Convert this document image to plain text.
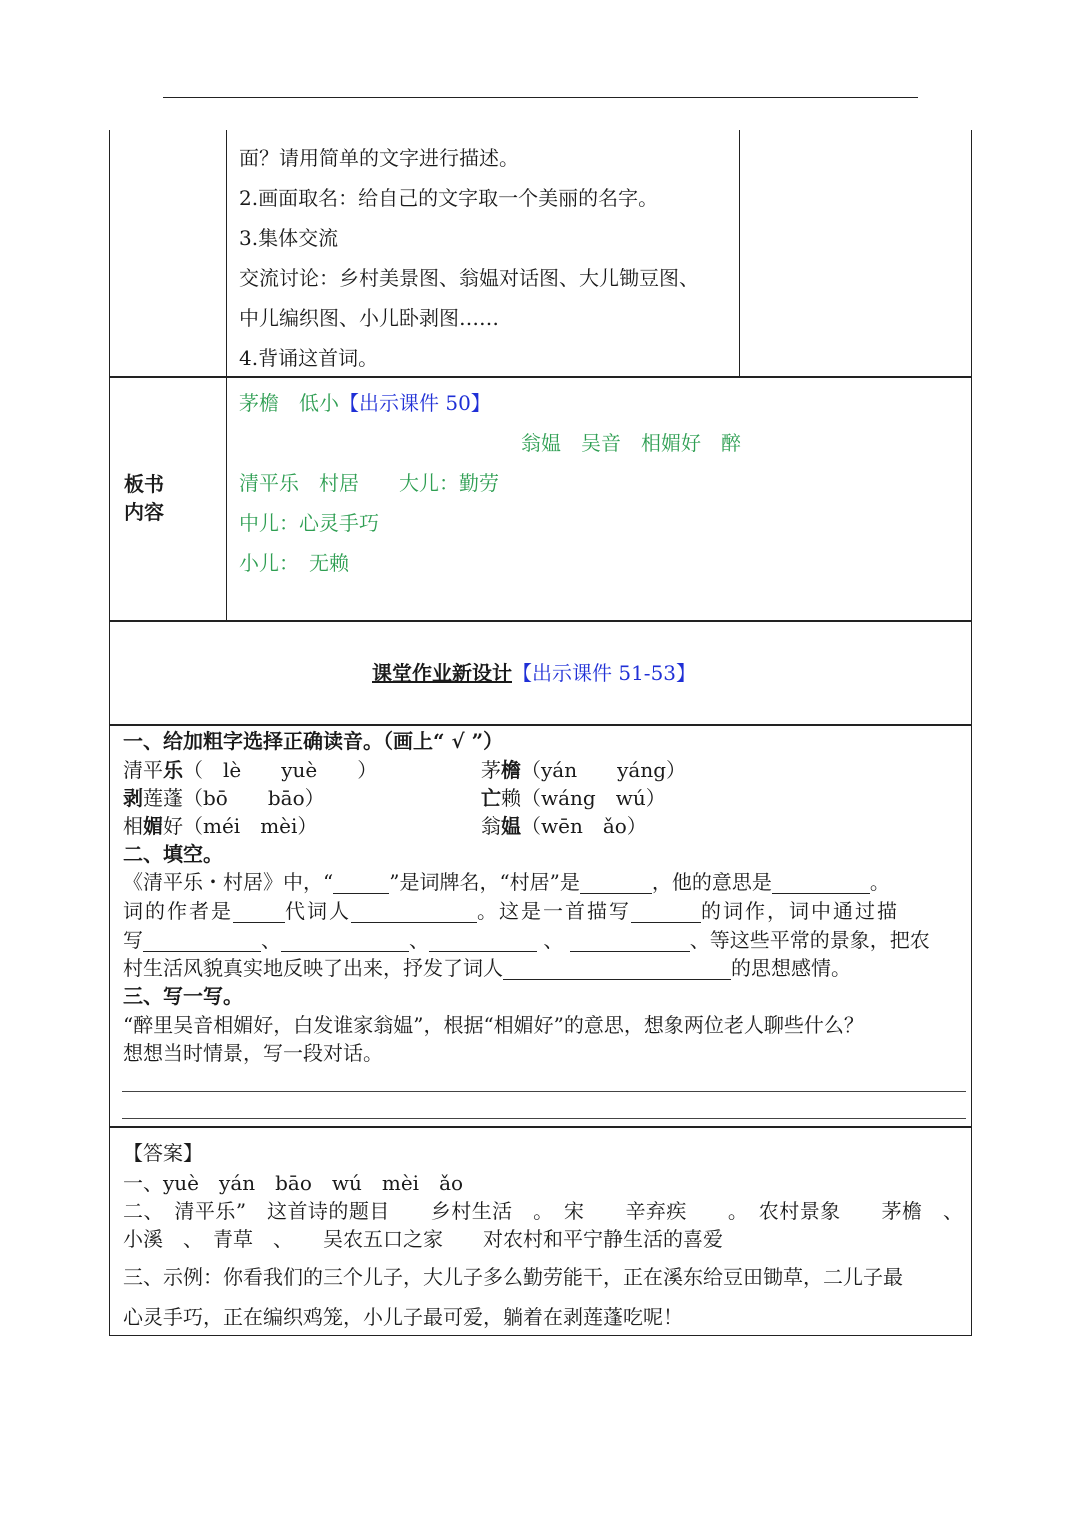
面？请用简单的文字进行描述。
2.画面取名：给自己的文字取一个美丽的名字。
3.集体交流
交流讨论：乡村美景图、翁媪对话图、大儿锄豆图、
中儿编织图、小儿卧剥图……
4.背诵这首词。
板书
内容
茅檐　低小【出示课件 50】
翁媪　吴音　相媚好　醉
清平乐　村居　　大儿：勤劳
中儿：心灵手巧
小儿：　无赖
课堂作业新设计【出示课件 51-53】
一、给加粗字选择正确读音。（画上“ √ ”）
清平乐（　lè　　yuè　　）	茅檐（yán　　yáng）
剥莲蓬（bō　　bāo）	亡赖（wáng　wú）
相媚好（méi　mèi）	翁媪（wēn　ǎo）
二、填空。
《清平乐・村居》中，“	”是词牌名，“村居”是	，他的意思是	。
词的作者是	代词人	。这是一首描写	的词作，词中通过描
写	、	、	、	、等这些平常的景象，把农
村生活风貌真实地反映了出来，抒发了词人	的思想感情。
三、写一写。
“醉里吴音相媚好，白发谁家翁媪”，根据“相媚好”的意思，想象两位老人聊些什么？
想想当时情景，写一段对话。
【答案】
一、yuè　yán　bāo　wú　mèi　ǎo
二、　清平乐”　这首诗的题目　　乡村生活　。　宋　　辛弃疾　　。　农村景象　　茅檐　、
小溪　、　青草　、　　吴农五口之家　　对农村和平宁静生活的喜爱
三、示例：你看我们的三个儿子，大儿子多么勤劳能干，正在溪东给豆田锄草，二儿子最
心灵手巧，正在编织鸡笼，小儿子最可爱，躺着在剥莲蓬吃呢！
